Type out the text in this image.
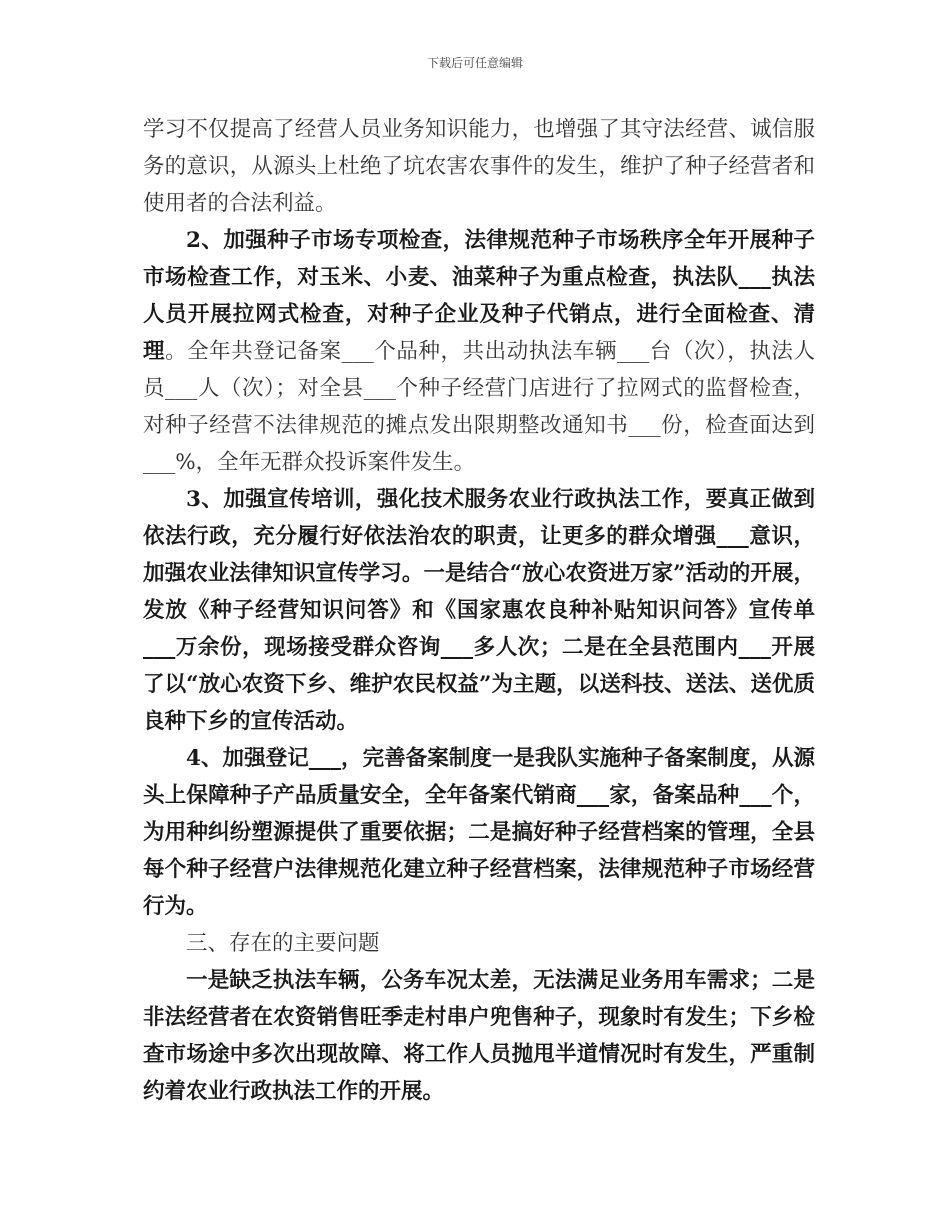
下载后可任意编辑

学习不仅提高了经营人员业务知识能力，也增强了其守法经营、诚信服务的意识，从源头上杜绝了坑农害农事件的发生，维护了种子经营者和使用者的合法利益。

2、加强种子市场专项检查，法律规范种子市场秩序全年开展种子市场检查工作，对玉米、小麦、油菜种子为重点检查，执法队___执法人员开展拉网式检查，对种子企业及种子代销点，进行全面检查、清理。全年共登记备案___个品种，共出动执法车辆___台（次），执法人员___人（次）；对全县___个种子经营门店进行了拉网式的监督检查，对种子经营不法律规范的摊点发出限期整改通知书___份，检查面达到___%，全年无群众投诉案件发生。

3、加强宣传培训，强化技术服务农业行政执法工作，要真正做到依法行政，充分履行好依法治农的职责，让更多的群众增强___意识，加强农业法律知识宣传学习。一是结合“放心农资进万家”活动的开展，发放《种子经营知识问答》和《国家惠农良种补贴知识问答》宣传单___万余份，现场接受群众咨询___多人次；二是在全县范围内___开展了以“放心农资下乡、维护农民权益”为主题，以送科技、送法、送优质良种下乡的宣传活动。

4、加强登记___，完善备案制度一是我队实施种子备案制度，从源头上保障种子产品质量安全，全年备案代销商___家，备案品种___个，为用种纠纷塑源提供了重要依据；二是搞好种子经营档案的管理，全县每个种子经营户法律规范化建立种子经营档案，法律规范种子市场经营行为。

三、存在的主要问题

一是缺乏执法车辆，公务车况太差，无法满足业务用车需求；二是非法经营者在农资销售旺季走村串户兜售种子，现象时有发生；下乡检查市场途中多次出现故障、将工作人员抛甩半道情况时有发生，严重制约着农业行政执法工作的开展。
